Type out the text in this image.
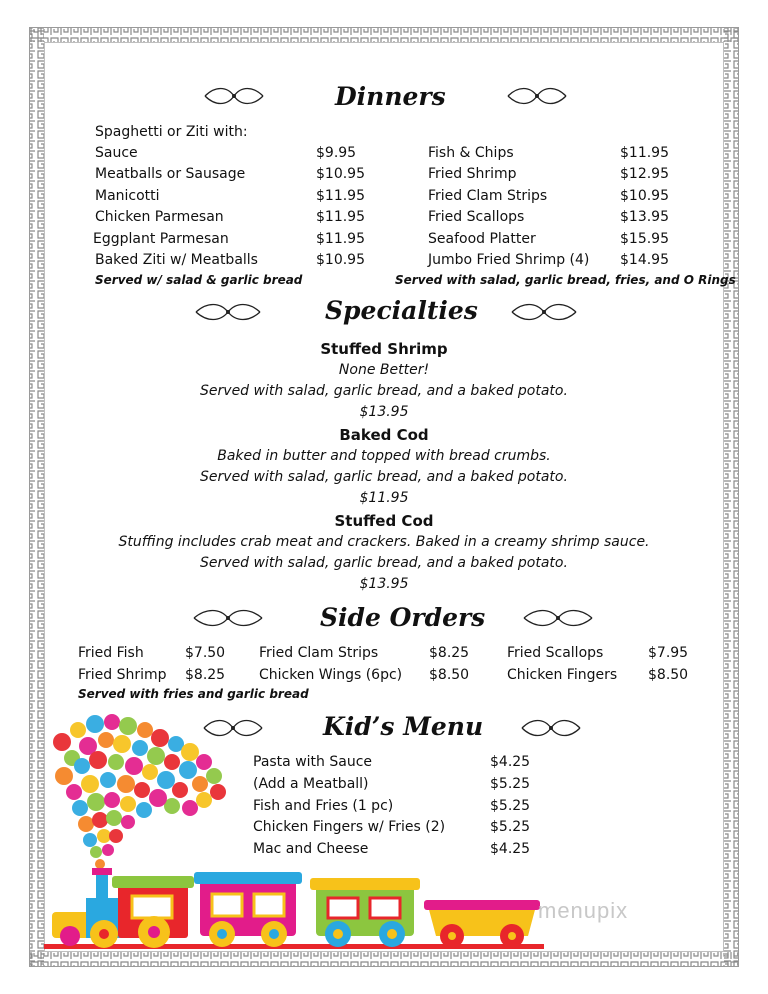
Dinners
Spaghetti or Ziti with:
Sauce	$9.95
Meatballs or Sausage	$10.95
Manicotti	$11.95
Chicken Parmesan	$11.95
Eggplant Parmesan	$11.95
Baked Ziti w/ Meatballs	$10.95
Fish & Chips	$11.95
Fried Shrimp	$12.95
Fried Clam Strips	$10.95
Fried Scallops	$13.95
Seafood Platter	$15.95
Jumbo Fried Shrimp (4) $14.95
Served w/ salad & garlic bread	Served with salad, garlic bread, fries, and O Rings
Specialties
Stuffed Shrimp
None Better!
Served with salad, garlic bread, and a baked potato.
$13.95
Baked Cod
Baked in butter and topped with bread crumbs.
Served with salad, garlic bread, and a baked potato.
$11.95
Stuffed Cod
Stuffing includes crab meat and crackers. Baked in a creamy shrimp sauce.
Served with salad, garlic bread, and a baked potato.
$13.95
Side Orders
Fried Fish	$7.50 Fried Clam Strips	$8.25	Fried Scallops	$7.95
Fried Shrimp $8.25 Chicken Wings (6pc) $8.50	Chicken Fingers $8.50
Served with fries and garlic bread
menupix
Kid’s Menu
Pasta with Sauce	$4.25
(Add a Meatball)	$5.25
Fish and Fries (1 pc)	$5.25
Chicken Fingers w/ Fries (2)	$5.25
Mac and Cheese	$4.25
